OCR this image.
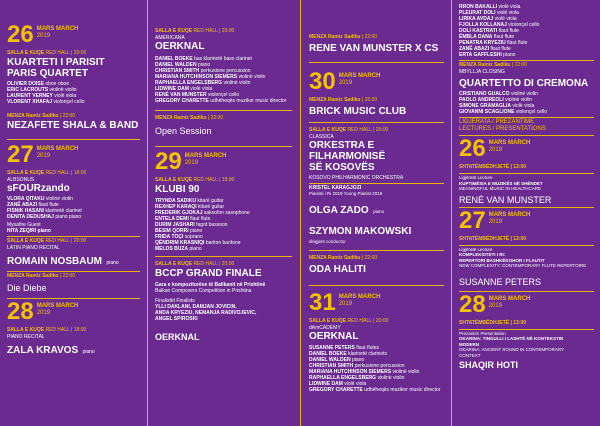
26 MARS MARCH
2019
SALLA E KUQE RED HALL | 20:00
KUARTETI I PARISIT
PARIS QUARTET
OLIVIER DOISE oboe oboe
ERIC LACROUTS violinë violin
LAURENT VERNEY violë viola
VLORENT XHAFAJ violonçel cello
MENZA Ramiz Sadiku | 22:00
NEZAFETE SHALA & BAND
27 MARS MARCH
2019
SALLA E KUQE RED HALL | 18:00
ALBSONUS
sFOURzando
VLORA QITAKU violinë violin
ZANË ABAZI flaut flute
FISNIK HASANI klarinetë clarinet
DENITA DEDUSHAJ piano piano
Mysafire Guest
NITA ZEQIRI piano
SALLA E KUQE RED HALL | 20:00
LATIN PIANO RECITAL
ROMAIN NOSBAUM piano
MENZA Ramiz Sadiku | 22:00
Die Diebe
28 MARS MARCH
2019
SALLA E KUQE RED HALL | 18:00
PIANO RECITAL
ZALA KRAVOS piano
SALLA E KUQE RED HALL | 20:00
AMERICANA
OERKNAL
DANIEL BOEKE bas klarinetë bass clarinet
DANIEL WALDEN piano
CHRISTIAN SMITH perkusione percussion
MARIANA HUTCHINSON SIEMERS violinë violin
RAPHAELLA ENGELSBERG violinë violin
LIDWINE DAM violë viola
RENÉ VAN MUNSTER violonçel cello
GREGORY CHARETTE udhëheqës muzikor music director
MENZA Ramiz Sadiku | 22:00
Open Session
29 MARS MARCH
2019
SALLA E KUQE RED HALL | 18:00
KLUBI 90
TRYNDA SADIKU kitarë guitar
REXHEP KARAQI kitarë guitar
FREDERIK GJOKAJ saksofon saxophone
ENTELA DEMI flaut flute
DURIM JASHARI fagot bassoon
BESIM QORRI piano
FRIDA TOÇI soprano
QËNDRIM KRASNIQI bariton baritone
MELOS BUZA piano
SALLA E KUQE RED HALL | 20:00
BCCP GRAND FINALE
Gara e kompozitorëve të Ballkanit në Prishtinë
Balkan Composers Competition in Prishtina
Finalistët Finalists
YLLI DAKLANI, DAMJAN JOVICIN,
ANDA KRYEZIU, NEMANJA RADIVOJEVIC,
ANGEL SPIROSKI
OERKNAL
MENZA Ramiz Sadiku | 22:00
RENE VAN MUNSTER X CS
30 MARS MARCH
2019
MENZA Ramiz Sadiku | 15:00
BRICK MUSIC CLUB
SALLA E KUQE RED HALL | 20:00
CLASSICA
ORKESTRA E FILHARMONISË
SË KOSOVËS
KOSOVO PHILHARMONIC ORCHESTRA
KRISTEL KARAGJOZI
Pianisti i Ri 2019 Young Pianist 2019
OLGA ZADO piano
SZYMON MAKOWSKI
dirigjent conductor
MENZA Ramiz Sadiku | 22:00
ODA HALITI
31 MARS MARCH
2019
SALLA E KUQE RED HALL | 20:00
dAmCADEMY
OERKNAL
SUSANNE PETERS flaut flutes
DANIEL BOEKE klarinetë clarinets
DANIEL WALDEN piano
CHRISTIAN SMITH perkusione percussion
MARIANA HUTCHINSON SIEMERS violinë violin
RAPHAELLA ENGELSBERG violinë violin
LIDWINE DAM violë viola
GREGORY CHARETTE udhëheqës muzikor music director
RRON BAKALLI violë viola
PLEURAT DOLI violë viola
LIRIKA AVDAJ violë viola
FJOLLA KOLLANAJ violonçel cello
DOLI KASTRATI flaut flute
ËMBLA DANA flaut flute
PENATRA KRYEZIU flaut flute
ZANË ABAZI flaut flute
ERTA GAFFLESHI piano
MENZA Ramiz Sadiku | 22:00
MBYLLJA CLOSING
QUARTETTO DI CREMONA
CRISTIANO GUALCO violinë violin
PAOLO ANDREOLI violinë violin
SIMONE GRAMAGLIA violë viola
GIOVANNI SCAGLIONE violonçel cello
LIGJËRATA / PREZANTIME
LECTURES / PRESENTATIONS
26 MARS MARCH
2019
SHTATËMBËDHJETË | 13:00
Ligjëratë Lecture
KUPTIMËSIA E MUZIKËS NË SHËNDET
MEANINGFUL MUSIC IN HEALTHCARE
RENÉ VAN MUNSTER
27 MARS MARCH
2019
SHTATËMBËDHJETË | 13:00
Ligjëratë Lecture
KOMPLEKSITETI I RI:
REPERTORI BASHKËKOHOR I FLAUTIT
NEW COMPLEXITY: CONTEMPORARY FLUTE REPERTOIRE
SUSANNE PETERS
28 MARS MARCH
2019
SHTATËMBËDHJETË | 13:00
Prezantim Presentation
OKARINA: TINGULLI I LASHTË NË KONTEKSTIN
MODERN
OKARINA: ANCIENT SOUND IN CONTEMPORARY
CONTEXT
SHAQIR HOTI
